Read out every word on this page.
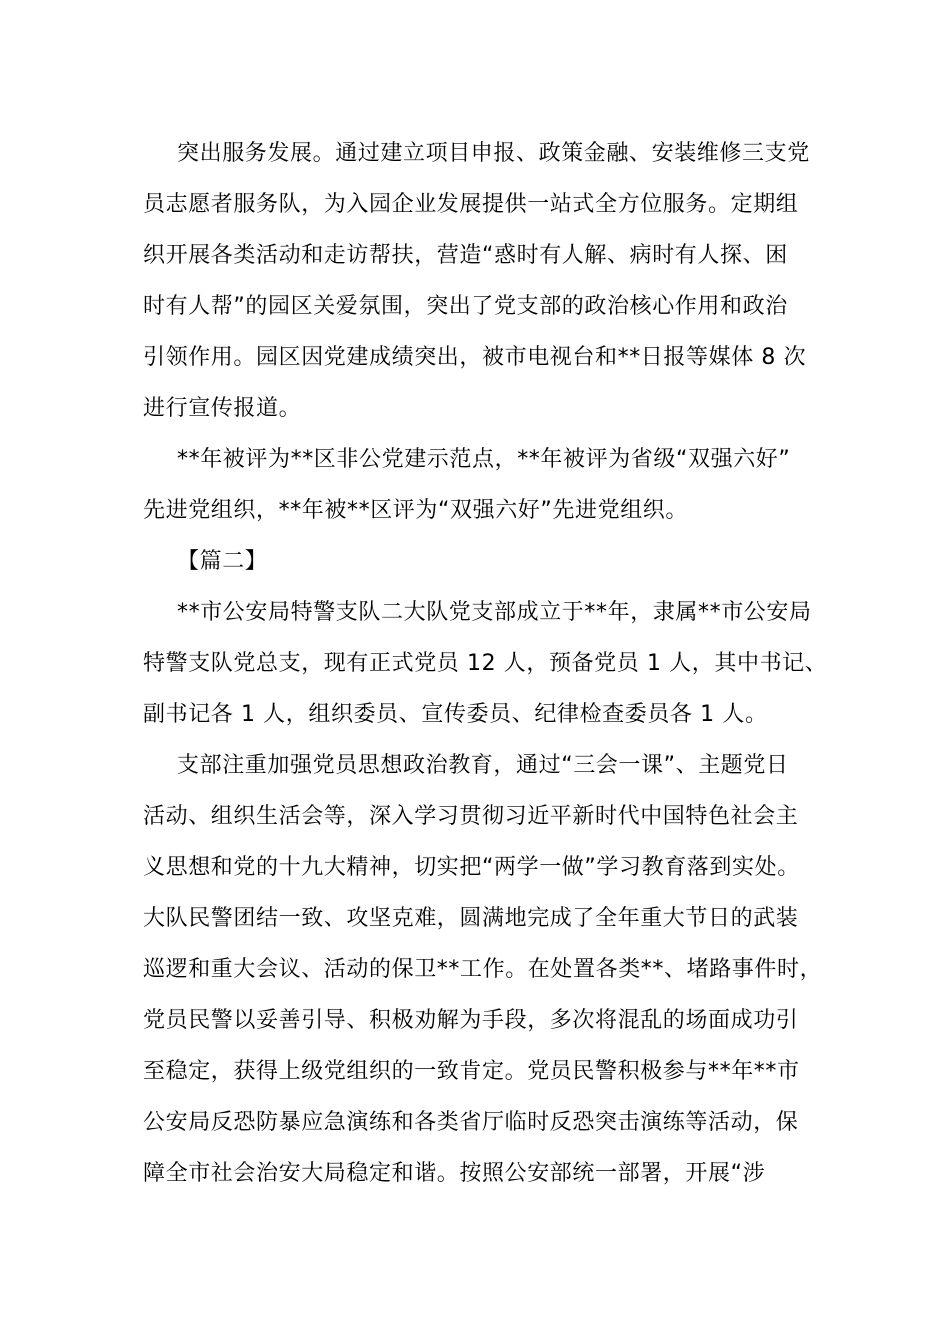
突出服务发展。通过建立项目申报、政策金融、安装维修三支党
员志愿者服务队，为入园企业发展提供一站式全方位服务。定期组
织开展各类活动和走访帮扶，营造“惑时有人解、病时有人探、困
时有人帮”的园区关爱氛围，突出了党支部的政治核心作用和政治
引领作用。园区因党建成绩突出，被市电视台和**日报等媒体 8 次
进行宣传报道。
**年被评为**区非公党建示范点，**年被评为省级“双强六好”
先进党组织，**年被**区评为“双强六好”先进党组织。
【篇二】
**市公安局特警支队二大队党支部成立于**年，隶属**市公安局
特警支队党总支，现有正式党员 12 人，预备党员 1 人，其中书记、
副书记各 1 人，组织委员、宣传委员、纪律检查委员各 1 人。
支部注重加强党员思想政治教育，通过“三会一课”、主题党日
活动、组织生活会等，深入学习贯彻习近平新时代中国特色社会主
义思想和党的十九大精神，切实把“两学一做”学习教育落到实处。
大队民警团结一致、攻坚克难，圆满地完成了全年重大节日的武装
巡逻和重大会议、活动的保卫**工作。在处置各类**、堵路事件时，
党员民警以妥善引导、积极劝解为手段，多次将混乱的场面成功引
至稳定，获得上级党组织的一致肯定。党员民警积极参与**年**市
公安局反恐防暴应急演练和各类省厅临时反恐突击演练等活动，保
障全市社会治安大局稳定和谐。按照公安部统一部署，开展“涉
